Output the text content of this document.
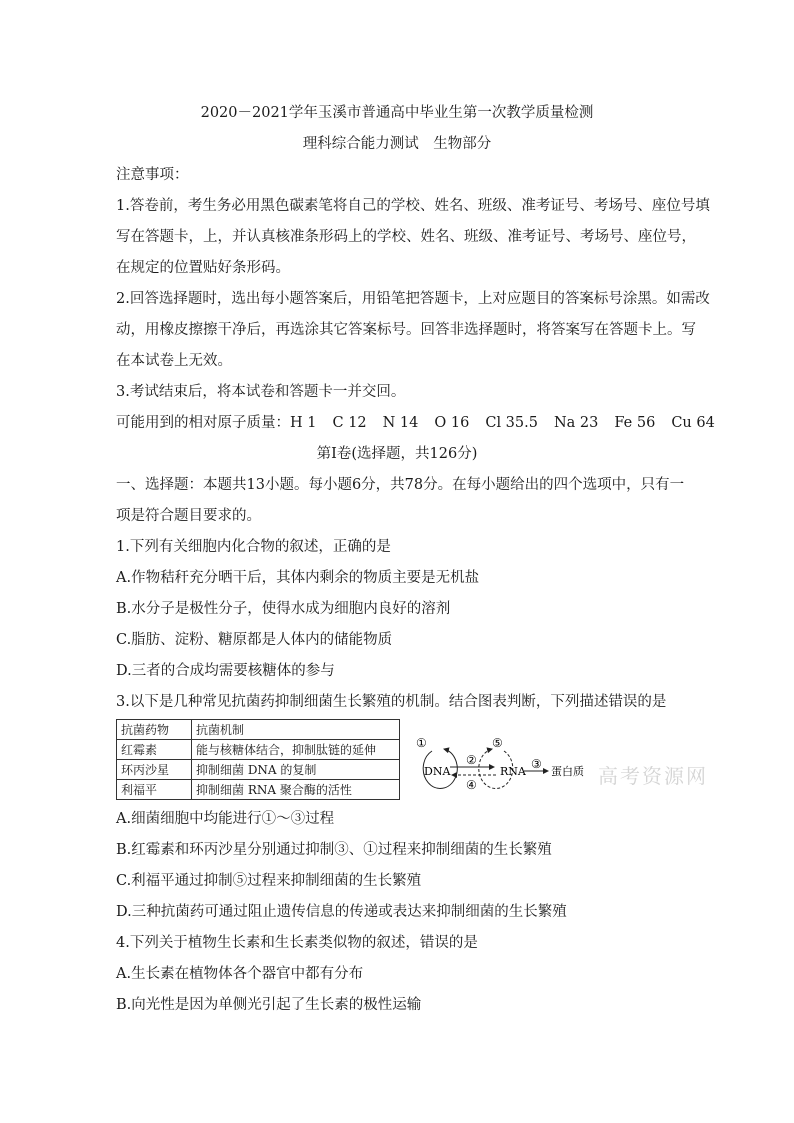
2020－2021学年玉溪市普通高中毕业生第一次教学质量检测
理科综合能力测试　生物部分
注意事项：
1.答卷前，考生务必用黑色碳素笔将自己的学校、姓名、班级、准考证号、考场号、座位号填
写在答题卡，上，并认真核准条形码上的学校、姓名、班级、准考证号、考场号、座位号，
在规定的位置贴好条形码。
2.回答选择题时，选出每小题答案后，用铅笔把答题卡，上对应题目的答案标号涂黑。如需改
动，用橡皮擦擦干净后，再选涂其它答案标号。回答非选择题时，将答案写在答题卡上。写
在本试卷上无效。
3.考试结束后，将本试卷和答题卡一并交回。
可能用到的相对原子质量：H 1 C 12 N 14 O 16 Cl 35.5 Na 23 Fe 56 Cu 64
第Ⅰ卷(选择题，共126分)
一、选择题：本题共13小题。每小题6分，共78分。在每小题给出的四个选项中，只有一
项是符合题目要求的。
1.下列有关细胞内化合物的叙述，正确的是
A.作物秸秆充分晒干后，其体内剩余的物质主要是无机盐
B.水分子是极性分子，使得水成为细胞内良好的溶剂
C.脂肪、淀粉、糖原都是人体内的储能物质
D.三者的合成均需要核糖体的参与
3.以下是几种常见抗菌药抑制细菌生长繁殖的机制。结合图表判断，下列描述错误的是
抗菌药物	抗菌机制
红霉素	能与核糖体结合，抑制肽链的延伸
环丙沙星	抑制细菌 DNA 的复制
利福平	抑制细菌 RNA 聚合酶的活性
①	⑤
DNA	RNA
②
④
③
蛋白质 高考资源网
A.细菌细胞中均能进行①～③过程
B.红霉素和环丙沙星分别通过抑制③、①过程来抑制细菌的生长繁殖
C.利福平通过抑制⑤过程来抑制细菌的生长繁殖
D.三种抗菌药可通过阻止遗传信息的传递或表达来抑制细菌的生长繁殖
4.下列关于植物生长素和生长素类似物的叙述，错误的是
A.生长素在植物体各个器官中都有分布
B.向光性是因为单侧光引起了生长素的极性运输
